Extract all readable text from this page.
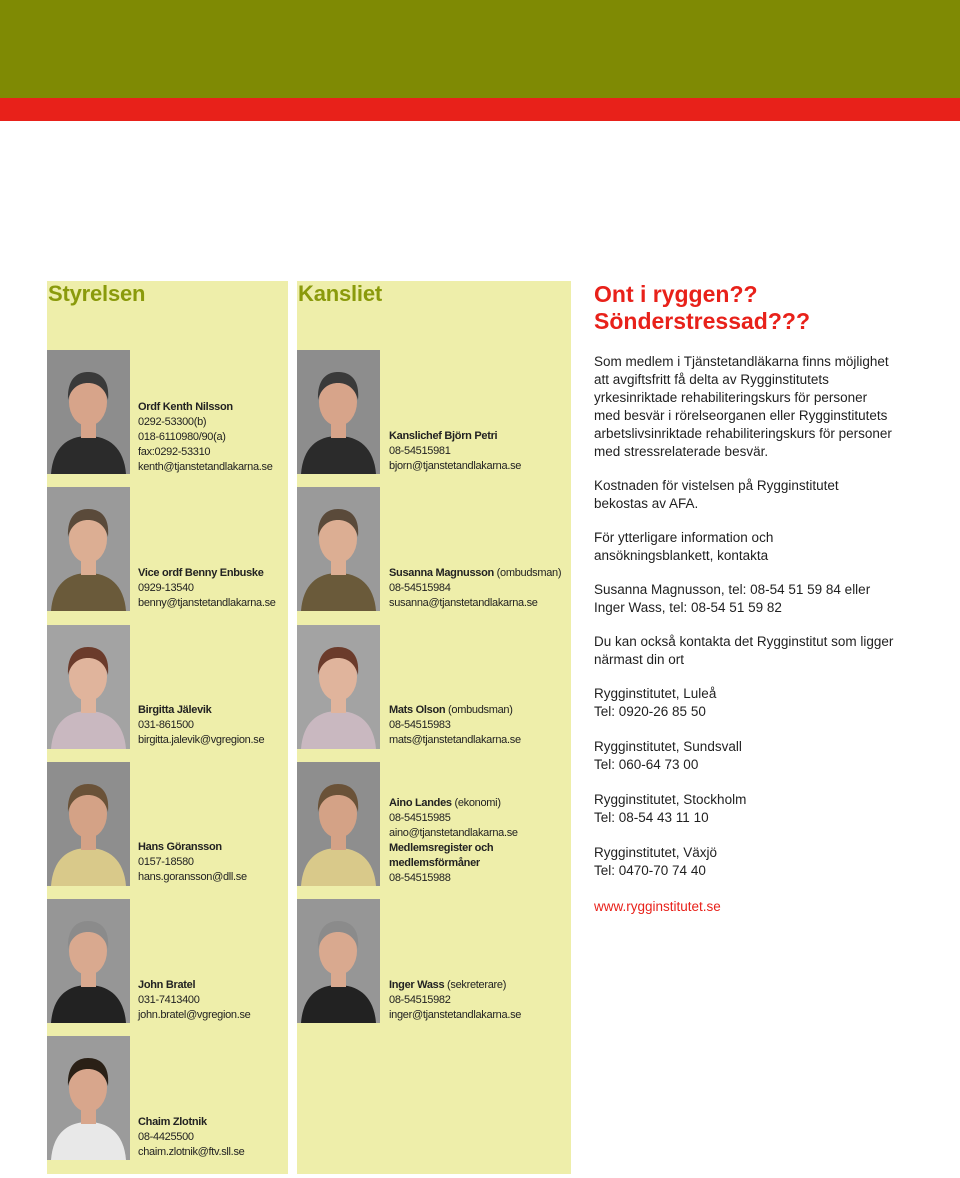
Styrelsen	Kansliet
Ordf Kenth Nilsson
0292-53300(b)
018-6110980/90(a)
fax:0292-53310
kenth@tjanstetandlakarna.se
Vice ordf Benny Enbuske
0929-13540
benny@tjanstetandlakarna.se
Birgitta Jälevik
031-861500
birgitta.jalevik@vgregion.se
Hans Göransson
0157-18580
hans.goransson@dll.se
John Bratel
031-7413400
john.bratel@vgregion.se
Chaim Zlotnik
08-4425500
chaim.zlotnik@ftv.sll.se
Kanslichef Björn Petri
08-54515981
bjorn@tjanstetandlakarna.se
Susanna Magnusson (ombudsman)
08-54515984
susanna@tjanstetandlakarna.se
Mats Olson (ombudsman)
08-54515983
mats@tjanstetandlakarna.se
Aino Landes (ekonomi)
08-54515985
aino@tjanstetandlakarna.se
Medlemsregister och
medlemsförmåner
08-54515988
Inger Wass (sekreterare)
08-54515982
inger@tjanstetandlakarna.se

Ont i ryggen??

Sönderstressad???

Som medlem i Tjänstetandläkarna finns möjlighet att avgiftsfritt få delta av Rygginstitutets yrkesinriktade rehabiliteringskurs för personer med besvär i rörelseorganen eller Rygginstitutets arbetslivsinriktade rehabiliteringskurs för personer med stressrelaterade besvär.

Kostnaden för vistelsen på Rygginstitutet bekostas av AFA.

För ytterligare information och ansökningsblankett, kontakta

Susanna Magnusson, tel: 08-54 51 59 84 eller

Inger Wass, tel: 08-54 51 59 82

Du kan också kontakta det Rygginstitut som ligger närmast din ort

Rygginstitutet, Luleå

Tel: 0920-26 85 50

Rygginstitutet, Sundsvall

Tel: 060-64 73 00

Rygginstitutet, Stockholm

Tel: 08-54 43 11 10

Rygginstitutet, Växjö

Tel: 0470-70 74 40

www.rygginstitutet.se
